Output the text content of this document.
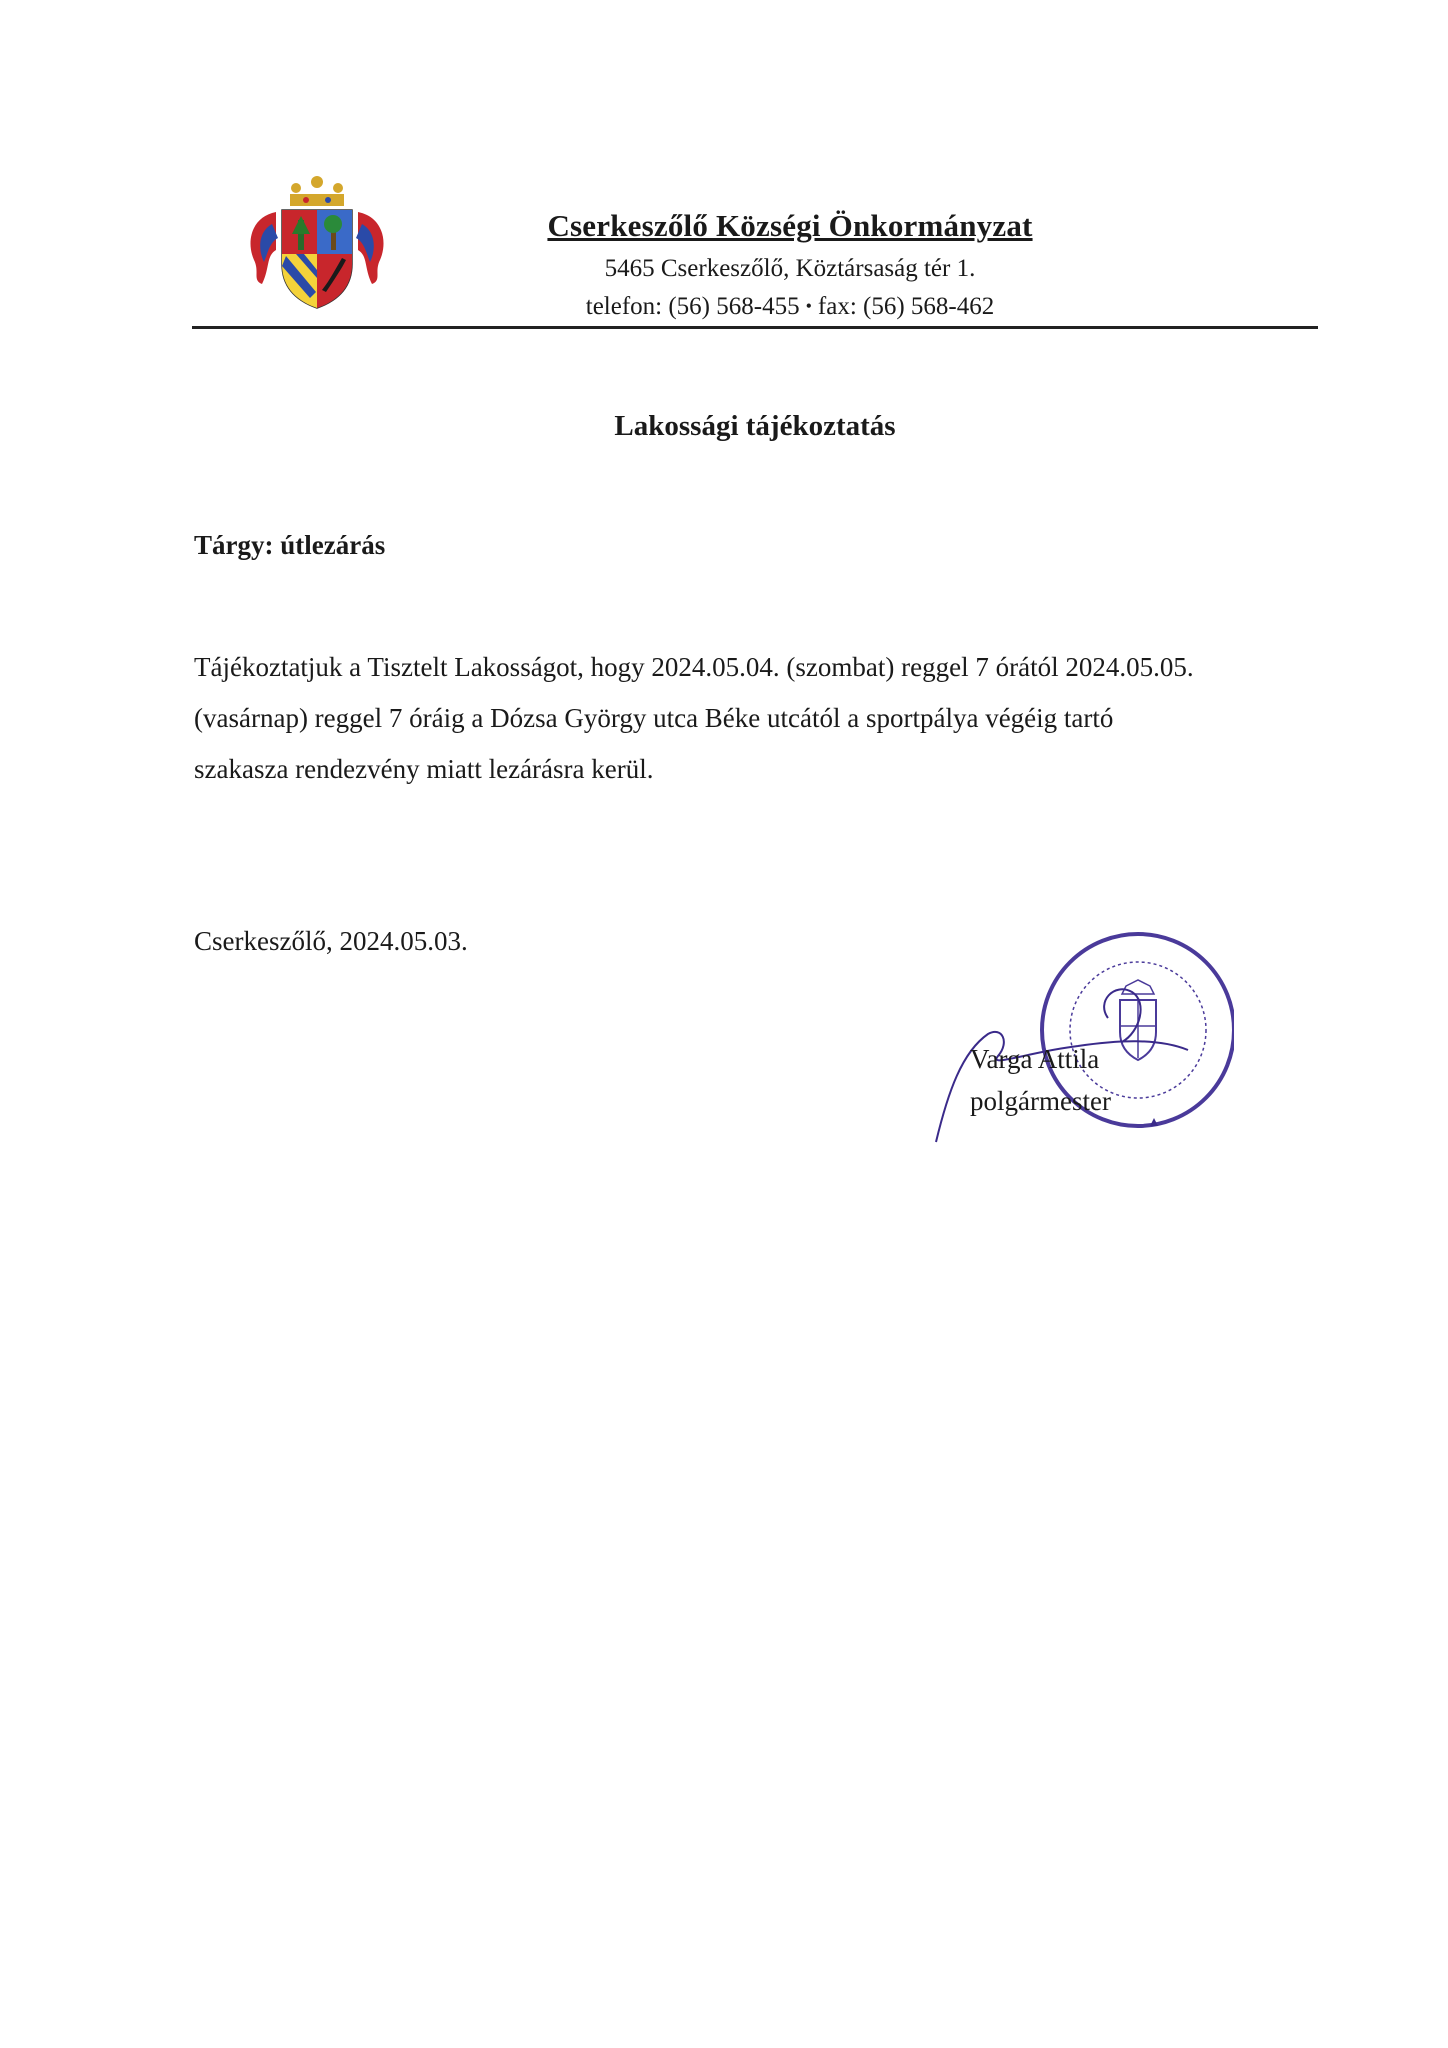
Cserkeszőlő Községi Önkormányzat
5465 Cserkeszőlő, Köztársaság tér 1.
telefon: (56) 568-455 • fax: (56) 568-462
Lakossági tájékoztatás
Tárgy: útlezárás
Tájékoztatjuk a Tisztelt Lakosságot, hogy 2024.05.04. (szombat) reggel 7 órától 2024.05.05.
(vasárnap) reggel 7 óráig a Dózsa György utca Béke utcától a sportpálya végéig tartó
szakasza rendezvény miatt lezárásra kerül.
Cserkeszőlő, 2024.05.03.
Varga Attila
polgármester
